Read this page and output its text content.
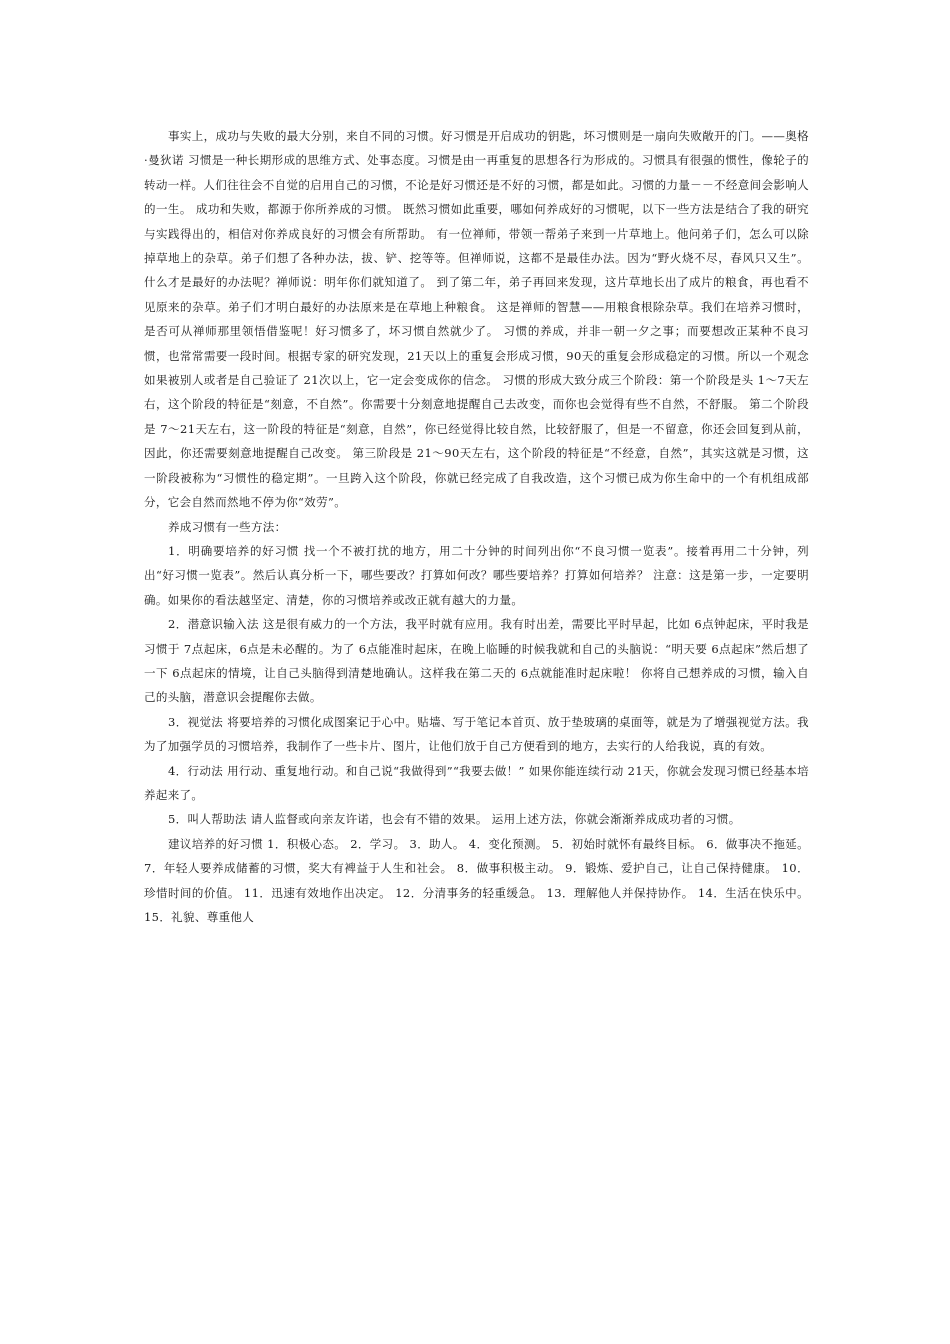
事实上，成功与失败的最大分别，来自不同的习惯。好习惯是开启成功的钥匙，坏习惯则是一扇向失败敞开的门。——奥格 ·曼狄诺 习惯是一种长期形成的思维方式、处事态度。习惯是由一再重复的思想各行为形成的。习惯具有很强的惯性，像轮子的转动一样。人们往往会不自觉的启用自己的习惯，不论是好习惯还是不好的习惯，都是如此。习惯的力量－－不经意间会影响人的一生。 成功和失败，都源于你所养成的习惯。 既然习惯如此重要，哪如何养成好的习惯呢，以下一些方法是结合了我的研究与实践得出的，相信对你养成良好的习惯会有所帮助。 有一位禅师，带领一帮弟子来到一片草地上。他问弟子们，怎么可以除掉草地上的杂草。弟子们想了各种办法，拔、铲、挖等等。但禅师说，这都不是最佳办法。因为“野火烧不尽，春风只又生”。 什么才是最好的办法呢？禅师说：明年你们就知道了。 到了第二年，弟子再回来发现，这片草地长出了成片的粮食，再也看不见原来的杂草。弟子们才明白最好的办法原来是在草地上种粮食。 这是禅师的智慧——用粮食根除杂草。我们在培养习惯时，是否可从禅师那里领悟借鉴呢！好习惯多了，坏习惯自然就少了。 习惯的养成，并非一朝一夕之事；而要想改正某种不良习惯，也常常需要一段时间。根据专家的研究发现，21天以上的重复会形成习惯，90天的重复会形成稳定的习惯。所以一个观念如果被别人或者是自己验证了 21次以上，它一定会变成你的信念。 习惯的形成大致分成三个阶段：第一个阶段是头 1～7天左右，这个阶段的特征是“刻意，不自然”。你需要十分刻意地提醒自己去改变，而你也会觉得有些不自然，不舒服。 第二个阶段是 7～21天左右，这一阶段的特征是“刻意，自然”，你已经觉得比较自然，比较舒服了，但是一不留意，你还会回复到从前，因此，你还需要刻意地提醒自己改变。 第三阶段是 21～90天左右，这个阶段的特征是“不经意，自然”，其实这就是习惯，这一阶段被称为“习惯性的稳定期”。一旦跨入这个阶段，你就已经完成了自我改造，这个习惯已成为你生命中的一个有机组成部分，它会自然而然地不停为你“效劳”。

养成习惯有一些方法：

1．明确要培养的好习惯 找一个不被打扰的地方，用二十分钟的时间列出你“不良习惯一览表”。接着再用二十分钟，列出“好习惯一览表”。然后认真分析一下，哪些要改？打算如何改？哪些要培养？打算如何培养？ 注意：这是第一步，一定要明确。如果你的看法越坚定、清楚，你的习惯培养或改正就有越大的力量。

2．潜意识输入法 这是很有威力的一个方法，我平时就有应用。我有时出差，需要比平时早起，比如 6点钟起床，平时我是习惯于 7点起床，6点是未必醒的。为了 6点能准时起床，在晚上临睡的时候我就和自己的头脑说：“明天要 6点起床”然后想了一下 6点起床的情境，让自己头脑得到清楚地确认。这样我在第二天的 6点就能准时起床啦！ 你将自己想养成的习惯，输入自己的头脑，潜意识会提醒你去做。

3．视觉法 将要培养的习惯化成图案记于心中。贴墙、写于笔记本首页、放于垫玻璃的桌面等，就是为了增强视觉方法。我为了加强学员的习惯培养，我制作了一些卡片、图片，让他们放于自己方便看到的地方，去实行的人给我说，真的有效。

4．行动法 用行动、重复地行动。和自己说“我做得到”“我要去做！” 如果你能连续行动 21天，你就会发现习惯已经基本培养起来了。

5．叫人帮助法 请人监督或向亲友许诺，也会有不错的效果。 运用上述方法，你就会渐渐养成成功者的习惯。

建议培养的好习惯 1．积极心态。 2．学习。 3．助人。 4．变化预测。 5．初始时就怀有最终目标。 6．做事决不拖延。 7．年轻人要养成储蓄的习惯，奖大有裨益于人生和社会。 8．做事积极主动。 9．锻炼、爱护自己，让自己保持健康。 10．珍惜时间的价值。 11．迅速有效地作出决定。 12．分清事务的轻重缓急。 13．理解他人并保持协作。 14．生活在快乐中。 15．礼貌、尊重他人
